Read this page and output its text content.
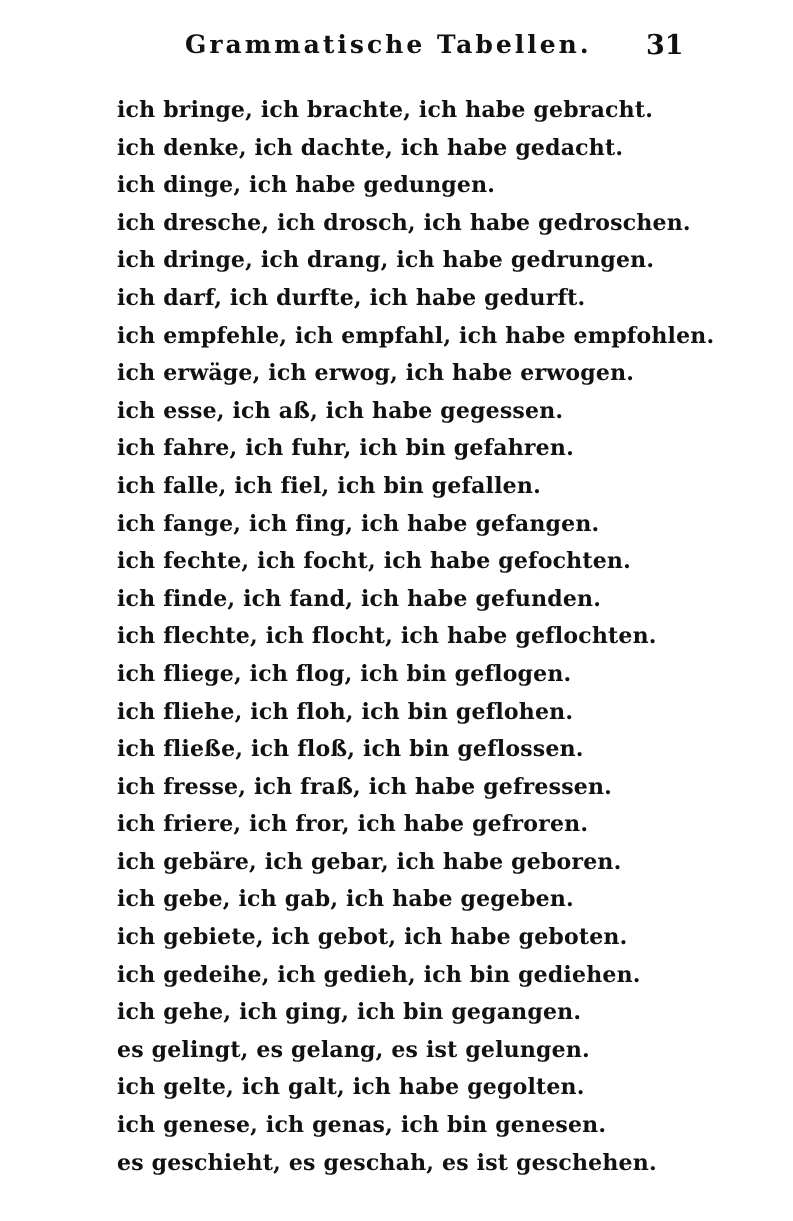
Grammatische Tabellen. 31
ich bringe, ich brachte, ich habe gebracht.
ich denke, ich dachte, ich habe gedacht.
ich dinge, ich habe gedungen.
ich dresche, ich drosch, ich habe gedroschen.
ich dringe, ich drang, ich habe gedrungen.
ich darf, ich durfte, ich habe gedurft.
ich empfehle, ich empfahl, ich habe empfohlen.
ich erwäge, ich erwog, ich habe erwogen.
ich esse, ich aß, ich habe gegessen.
ich fahre, ich fuhr, ich bin gefahren.
ich falle, ich fiel, ich bin gefallen.
ich fange, ich fing, ich habe gefangen.
ich fechte, ich focht, ich habe gefochten.
ich finde, ich fand, ich habe gefunden.
ich flechte, ich flocht, ich habe geflochten.
ich fliege, ich flog, ich bin geflogen.
ich fliehe, ich floh, ich bin geflohen.
ich fließe, ich floß, ich bin geflossen.
ich fresse, ich fraß, ich habe gefressen.
ich friere, ich fror, ich habe gefroren.
ich gebäre, ich gebar, ich habe geboren.
ich gebe, ich gab, ich habe gegeben.
ich gebiete, ich gebot, ich habe geboten.
ich gedeihe, ich gedieh, ich bin gediehen.
ich gehe, ich ging, ich bin gegangen.
es gelingt, es gelang, es ist gelungen.
ich gelte, ich galt, ich habe gegolten.
ich genese, ich genas, ich bin genesen.
es geschieht, es geschah, es ist geschehen.
